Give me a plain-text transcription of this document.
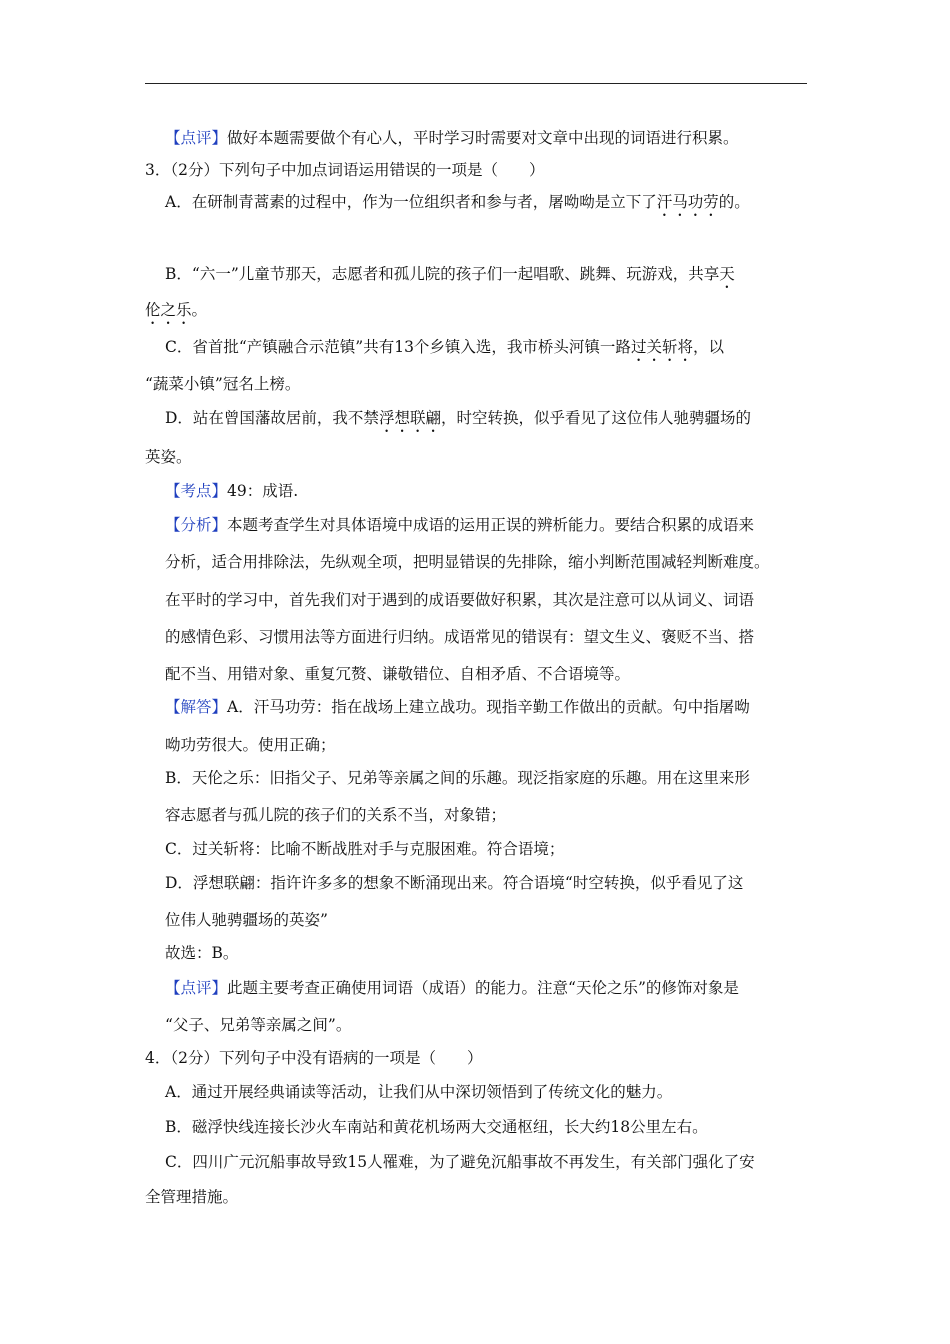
【点评】做好本题需要做个有心人，平时学习时需要对文章中出现的词语进行积累。
3．（2分）下列句子中加点词语运用错误的一项是（　　）
A．在研制青蒿素的过程中，作为一位组织者和参与者，屠呦呦是立下了汗马功劳的。
B．“六一”儿童节那天，志愿者和孤儿院的孩子们一起唱歌、跳舞、玩游戏，共享天
伦之乐。
C．省首批“产镇融合示范镇”共有13个乡镇入选，我市桥头河镇一路过关斩将，以
“蔬菜小镇”冠名上榜。
D．站在曾国藩故居前，我不禁浮想联翩，时空转换，似乎看见了这位伟人驰骋疆场的
英姿。
【考点】49：成语.
【分析】本题考查学生对具体语境中成语的运用正误的辨析能力。要结合积累的成语来
分析，适合用排除法，先纵观全项，把明显错误的先排除，缩小判断范围减轻判断难度。
在平时的学习中，首先我们对于遇到的成语要做好积累，其次是注意可以从词义、词语
的感情色彩、习惯用法等方面进行归纳。成语常见的错误有：望文生义、褒贬不当、搭
配不当、用错对象、重复冗赘、谦敬错位、自相矛盾、不合语境等。
【解答】A．汗马功劳：指在战场上建立战功。现指辛勤工作做出的贡献。句中指屠呦
呦功劳很大。使用正确；
B．天伦之乐：旧指父子、兄弟等亲属之间的乐趣。现泛指家庭的乐趣。用在这里来形
容志愿者与孤儿院的孩子们的关系不当，对象错；
C．过关斩将：比喻不断战胜对手与克服困难。符合语境；
D．浮想联翩：指许许多多的想象不断涌现出来。符合语境“时空转换，似乎看见了这
位伟人驰骋疆场的英姿”
故选：B。
【点评】此题主要考查正确使用词语（成语）的能力。注意“天伦之乐”的修饰对象是
“父子、兄弟等亲属之间”。
4．（2分）下列句子中没有语病的一项是（　　）
A．通过开展经典诵读等活动，让我们从中深切领悟到了传统文化的魅力。
B．磁浮快线连接长沙火车南站和黄花机场两大交通枢纽，长大约18公里左右。
C．四川广元沉船事故导致15人罹难，为了避免沉船事故不再发生，有关部门强化了安
全管理措施。
